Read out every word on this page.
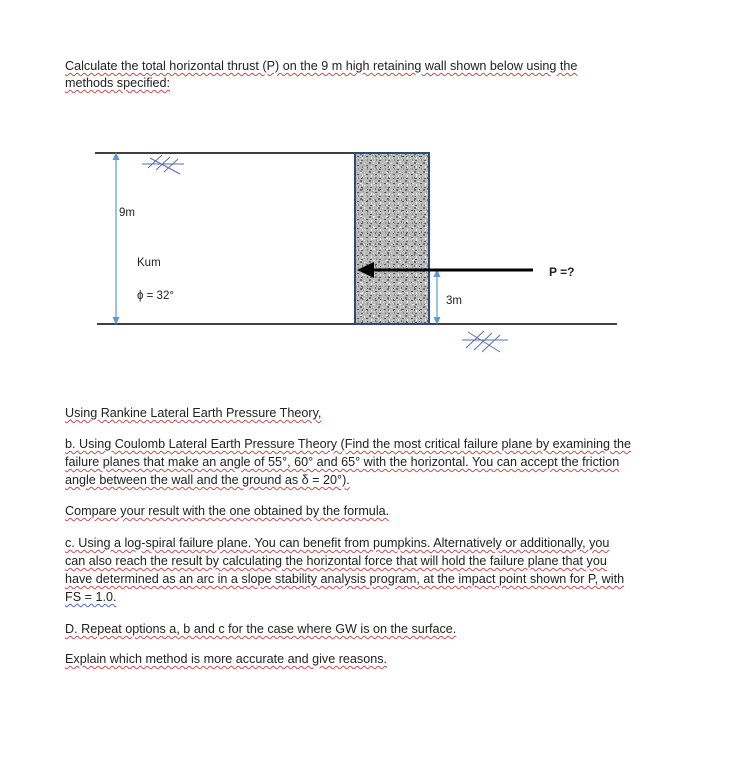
Calculate the total horizontal thrust (P) on the 9 m high retaining wall shown below using the

methods specified:

9m
Kum
ϕ = 32°	3m
P =?

Using Rankine Lateral Earth Pressure Theory,

b. Using Coulomb Lateral Earth Pressure Theory (Find the most critical failure plane by examining the

failure planes that make an angle of 55°, 60° and 65° with the horizontal. You can accept the friction

angle between the wall and the ground as δ = 20°).

Compare your result with the one obtained by the formula.

c. Using a log-spiral failure plane. You can benefit from pumpkins. Alternatively or additionally, you

can also reach the result by calculating the horizontal force that will hold the failure plane that you

have determined as an arc in a slope stability analysis program, at the impact point shown for P, with

FS = 1.0.

D. Repeat options a, b and c for the case where GW is on the surface.

Explain which method is more accurate and give reasons.
